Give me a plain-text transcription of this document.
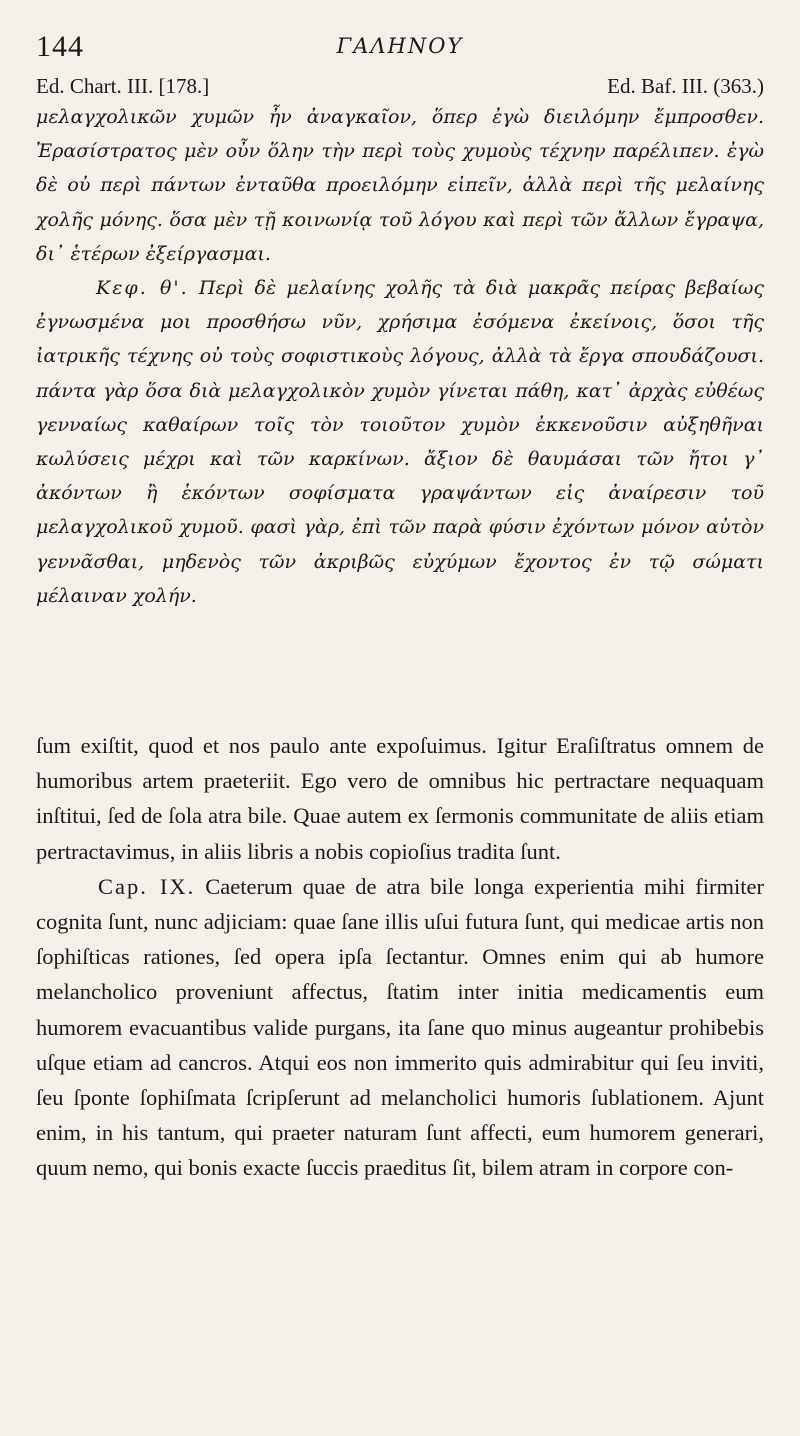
144	ΓΑΛΗΝΟΥ
Ed. Chart. III. [178.]	Ed. Baf. III. (363.)

μελαγχολικῶν χυμῶν ἦν ἀναγκαῖον, ὅπερ ἐγὼ διειλόμην ἔμπροσθεν. Ἐρασίστρατος μὲν οὖν ὅλην τὴν περὶ τοὺς χυμοὺς τέχνην παρέλιπεν. ἐγὼ δὲ οὐ περὶ πάντων ἐνταῦθα προειλόμην εἰπεῖν, ἀλλὰ περὶ τῆς μελαίνης χολῆς μόνης. ὅσα μὲν τῇ κοινωνίᾳ τοῦ λόγου καὶ περὶ τῶν ἄλλων ἔγραψα, δι᾽ ἑτέρων ἐξείργασμαι.

Κεφ. θ'. Περὶ δὲ μελαίνης χολῆς τὰ διὰ μακρᾶς πείρας βεβαίως ἐγνωσμένα μοι προσθήσω νῦν, χρήσιμα ἐσόμενα ἐκείνοις, ὅσοι τῆς ἰατρικῆς τέχνης οὐ τοὺς σοφιστικοὺς λόγους, ἀλλὰ τὰ ἔργα σπουδάζουσι. πάντα γὰρ ὅσα διὰ μελαγχολικὸν χυμὸν γίνεται πάθη, κατ᾽ ἀρχὰς εὐθέως γενναίως καθαίρων τοῖς τὸν τοιοῦτον χυμὸν ἐκκενοῦσιν αὐξηθῆναι κωλύσεις μέχρι καὶ τῶν καρκίνων. ἄξιον δὲ θαυμάσαι τῶν ἤτοι γ᾽ ἀκόντων ἢ ἑκόντων σοφίσματα γραψάντων εἰς ἀναίρεσιν τοῦ μελαγχολικοῦ χυμοῦ. φασὶ γὰρ, ἐπὶ τῶν παρὰ φύσιν ἐχόντων μόνον αὐτὸν γεννᾶσθαι, μηδενὸς τῶν ἀκριβῶς εὐχύμων ἔχοντος ἐν τῷ σώματι μέλαιναν χολήν.

ſum exiſtit, quod et nos paulo ante expoſuimus. Igitur Eraſiſtratus omnem de humoribus artem praeteriit. Ego vero de omnibus hic pertractare nequaquam inſtitui, ſed de ſola atra bile. Quae autem ex ſermonis communitate de aliis etiam pertractavimus, in aliis libris a nobis copioſius tradita ſunt.

Cap. IX. Caeterum quae de atra bile longa experientia mihi firmiter cognita ſunt, nunc adjiciam: quae ſane illis uſui futura ſunt, qui medicae artis non ſophiſticas rationes, ſed opera ipſa ſectantur. Omnes enim qui ab humore melancholico proveniunt affectus, ſtatim inter initia medicamentis eum humorem evacuantibus valide purgans, ita ſane quo minus augeantur prohibebis uſque etiam ad cancros. Atqui eos non immerito quis admirabitur qui ſeu inviti, ſeu ſponte ſophiſmata ſcripſerunt ad melancholici humoris ſublationem. Ajunt enim, in his tantum, qui praeter naturam ſunt affecti, eum humorem generari, quum nemo, qui bonis exacte ſuccis praeditus ſit, bilem atram in corpore con-
